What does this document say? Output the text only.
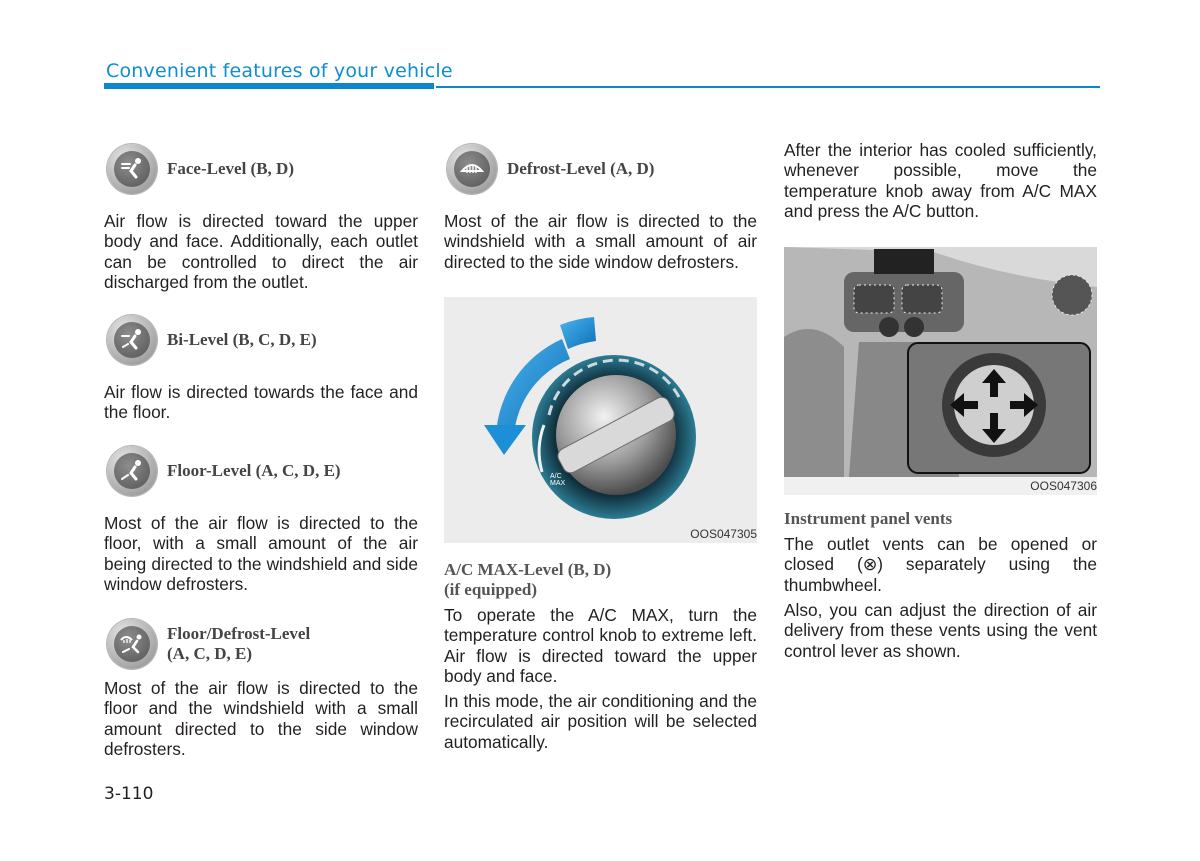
Convenient features of your vehicle
Face-Level (B, D)
Air flow is directed toward the upper body and face. Additionally, each outlet can be controlled to direct the air discharged from the outlet.
Bi-Level (B, C, D, E)
Air flow is directed towards the face and the floor.
Floor-Level (A, C, D, E)
Most of the air flow is directed to the floor, with a small amount of the air being directed to the windshield and side window defrosters.
Floor/Defrost-Level
(A, C, D, E)
Most of the air flow is directed to the floor and the windshield with a small amount directed to the side window defrosters.
Defrost-Level (A, D)
Most of the air flow is directed to the windshield with a small amount of air directed to the side window defrosters.
A/C
MAX
OOS047305
A/C MAX-Level (B, D)
(if equipped)
To operate the A/C MAX, turn the temperature control knob to extreme left. Air flow is directed toward the upper body and face.
In this mode, the air conditioning and the recirculated air position will be selected automatically.
After the interior has cooled sufficiently, whenever possible, move the temperature knob away from A/C MAX and press the A/C button.
OOS047306
Instrument panel vents
The outlet vents can be opened or closed (⊗) separately using the thumbwheel.
Also, you can adjust the direction of air delivery from these vents using the vent control lever as shown.
3-110
